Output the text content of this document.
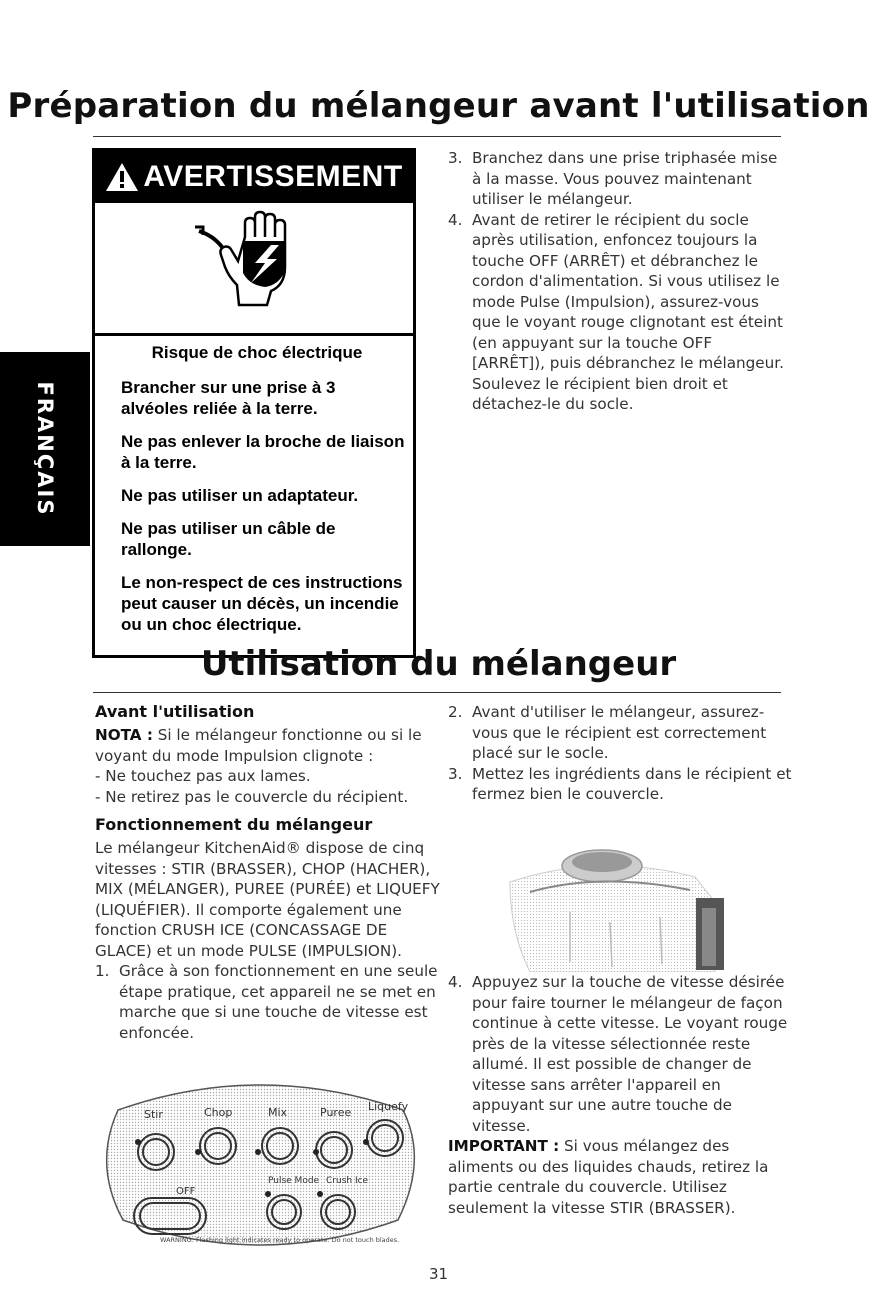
Préparation du mélangeur avant l'utilisation
AVERTISSEMENT
Risque de choc électrique

Brancher sur une prise à 3 alvéoles reliée à la terre.

Ne pas enlever la broche de liaison à la terre.

Ne pas utiliser un adaptateur.

Ne pas utiliser un câble de rallonge.

Le non-respect de ces instructions peut causer un décès, un incendie ou un choc électrique.

FRANÇAIS
3. Branchez dans une prise triphasée mise à la masse. Vous pouvez maintenant utiliser le mélangeur.
4. Avant de retirer le récipient du socle après utilisation, enfoncez toujours la touche OFF (ARRÊT) et débranchez le cordon d'alimentation. Si vous utilisez le mode Pulse (Impulsion), assurez-vous que le voyant rouge clignotant est éteint (en appuyant sur la touche OFF [ARRÊT]), puis débranchez le mélangeur. Soulevez le récipient bien droit et détachez-le du socle.
Utilisation du mélangeur
Avant l'utilisation

NOTA : Si le mélangeur fonctionne ou si le voyant du mode Impulsion clignote :

- Ne touchez pas aux lames.

- Ne retirez pas le couvercle du récipient.

Fonctionnement du mélangeur

Le mélangeur KitchenAid® dispose de cinq vitesses : STIR (BRASSER), CHOP (HACHER), MIX (MÉLANGER), PUREE (PURÉE) et LIQUEFY (LIQUÉFIER). Il comporte également une fonction CRUSH ICE (CONCASSAGE DE GLACE) et un mode PULSE (IMPULSION).

1. Grâce à son fonctionnement en une seule étape pratique, cet appareil ne se met en marche que si une touche de vitesse est enfoncée.
Stir	Chop	Mix	Puree Liquefy
OFF
Pulse Mode Crush Ice
WARNING: Flashing light indicates ready to operate. Do not touch blades.
2. Avant d'utiliser le mélangeur, assurez-vous que le récipient est correctement placé sur le socle.
3. Mettez les ingrédients dans le récipient et fermez bien le couvercle.
4. Appuyez sur la touche de vitesse désirée pour faire tourner le mélangeur de façon continue à cette vitesse. Le voyant rouge près de la vitesse sélectionnée reste allumé. Il est possible de changer de vitesse sans arrêter l'appareil en appuyant sur une autre touche de vitesse.

IMPORTANT : Si vous mélangez des aliments ou des liquides chauds, retirez la partie centrale du couvercle. Utilisez seulement la vitesse STIR (BRASSER).

31
